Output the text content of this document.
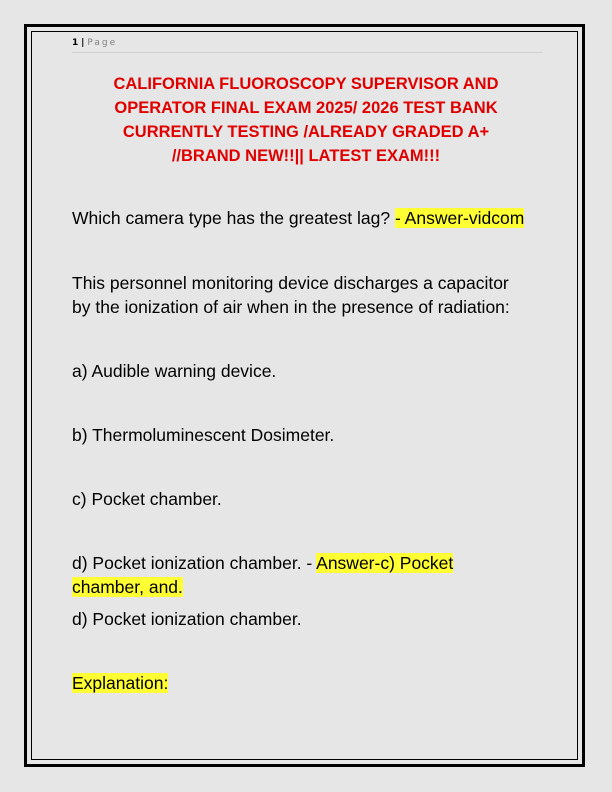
1 | Page
CALIFORNIA FLUOROSCOPY SUPERVISOR AND
OPERATOR FINAL EXAM 2025/ 2026 TEST BANK
CURRENTLY TESTING /ALREADY GRADED A+
//BRAND NEW!!|| LATEST EXAM!!!
Which camera type has the greatest lag? - Answer-vidcom
This personnel monitoring device discharges a capacitor
by the ionization of air when in the presence of radiation:
a) Audible warning device.
b) Thermoluminescent Dosimeter.
c) Pocket chamber.
d) Pocket ionization chamber. - Answer-c) Pocket
chamber, and.
d) Pocket ionization chamber.
Explanation:
